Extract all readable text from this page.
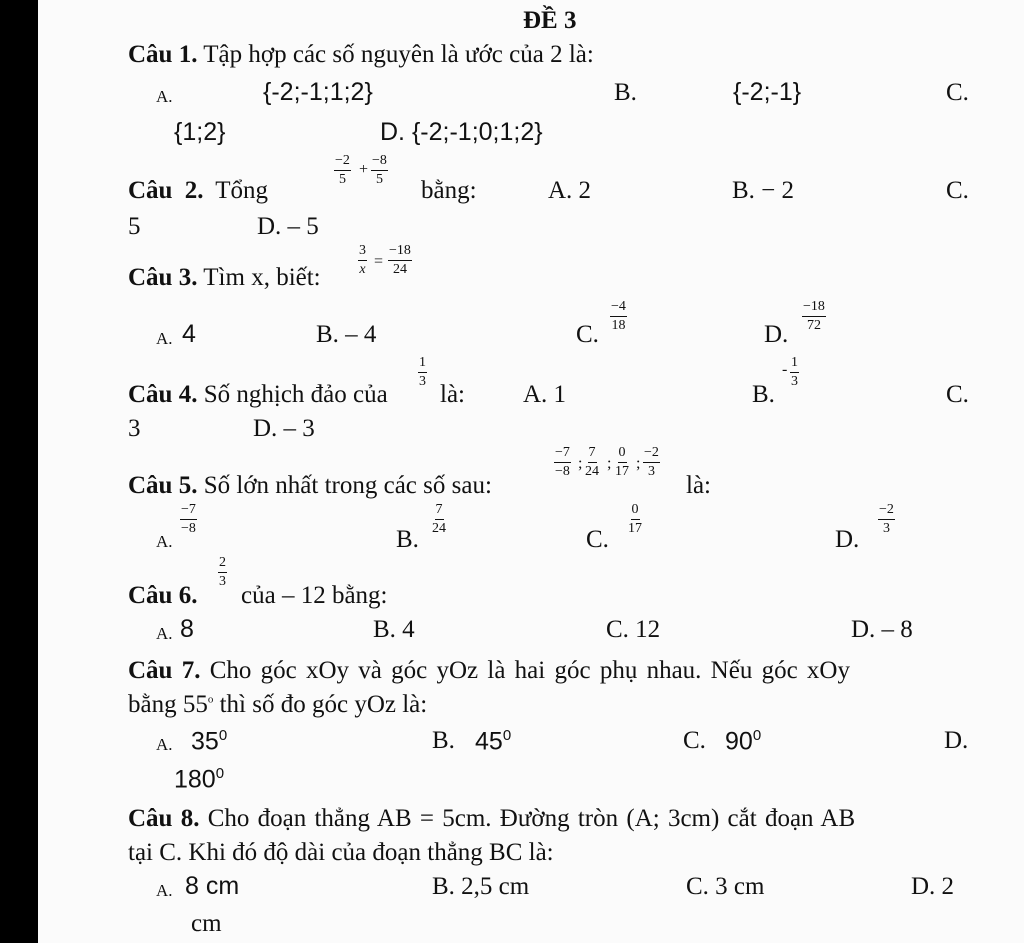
ĐỀ 3
Câu 1. Tập hợp các số nguyên là ước của 2 là:
A.	{-2;-1;1;2}	B.	{-2;-1}	C.
{1;2}	D. {-2;-1;0;1;2}
Câu 2. Tổng
$\frac{-2}{5} + \frac{-8}{5}$
bằng:	A. 2	B. − 2	C.
5	D. – 5
Câu 3. Tìm x, biết:
$\frac{3}{x} = \frac{-18}{24}$
A. 4	B. – 4	C.
$\frac{-4}{18}$
D.
$\frac{-18}{72}$
Câu 4. Số nghịch đảo của
$\frac{1}{3}$
là: A. 1	B.
- $\frac{1}{3}$
C.
3	D. – 3
Câu 5. Số lớn nhất trong các số sau:
$\frac{-7}{-8}$ ; $\frac{7}{24}$ ; $\frac{0}{17}$ ; $\frac{-2}{3}$
là:
A.
$\frac{-7}{-8}$
B.
$\frac{7}{24}$
C.
$\frac{0}{17}$
D.
$\frac{-2}{3}$
Câu 6.
$\frac{2}{3}$
của – 12 bằng:
A. 8	B. 4	C. 12	D. – 8
Câu 7. Cho góc xOy và góc yOz là hai góc phụ nhau. Nếu góc xOy
bằng 55$^o$ thì số đo góc yOz là:
A. $35^0$	B. $45^0$	C. $90^0$	D.
$180^0$
Câu 8. Cho đoạn thẳng AB = 5cm. Đường tròn (A; 3cm) cắt đoạn AB
tại C. Khi đó độ dài của đoạn thẳng BC là:
A. 8 cm	B. 2,5 cm	C. 3 cm	D. 2
cm
